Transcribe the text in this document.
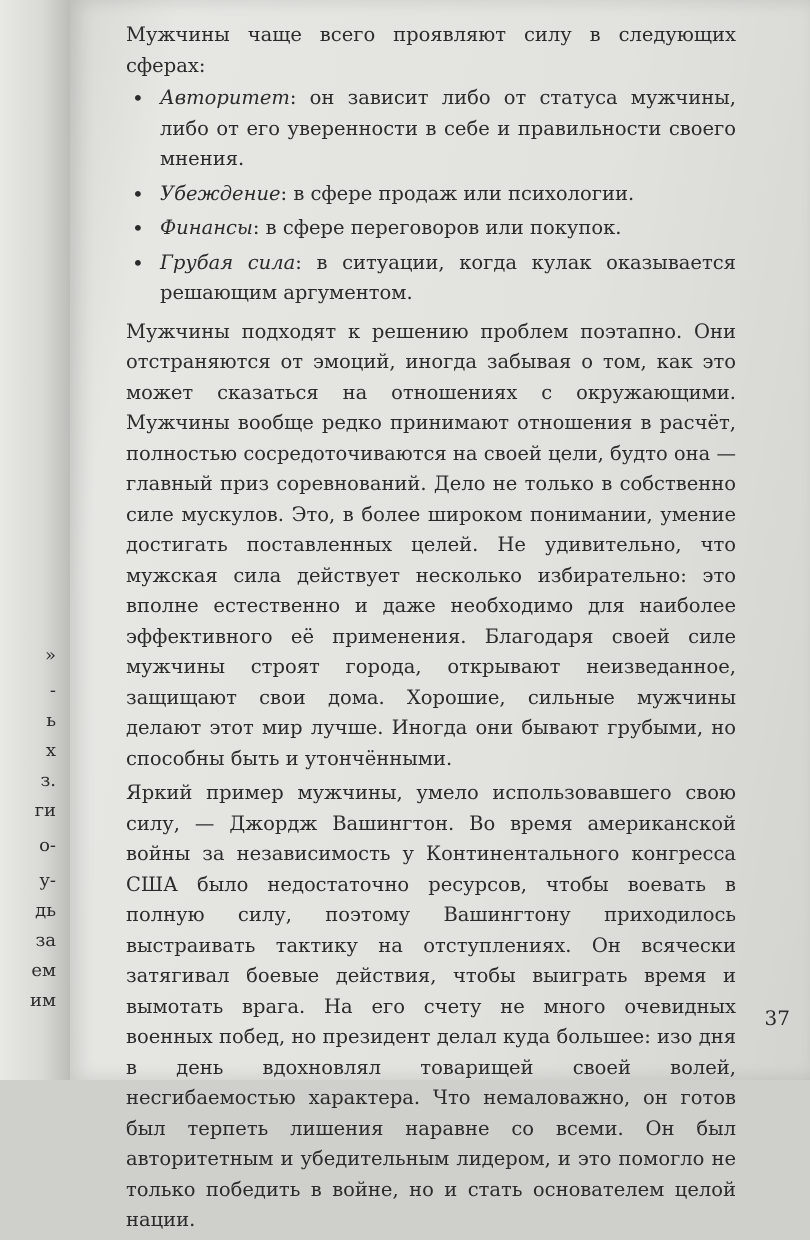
»
-
ь
х
з.
ги
о-
у-
дь
за
ем
им

Мужчины чаще всего проявляют силу в следующих сферах:

• Авторитет: он зависит либо от статуса мужчины, либо от его уверенности в себе и правильности своего мнения.
• Убеждение: в сфере продаж или психологии.
• Финансы: в сфере переговоров или покупок.
• Грубая сила: в ситуации, когда кулак оказывается решающим аргументом.

Мужчины подходят к решению проблем поэтапно. Они отстраняются от эмоций, иногда забывая о том, как это может сказаться на отношениях с окружающими. Мужчины вообще редко принимают отношения в расчёт, полностью сосредоточиваются на своей цели, будто она — главный приз соревнований. Дело не только в собственно силе мускулов. Это, в более широком понимании, умение достигать поставленных целей. Не удивительно, что мужская сила действует несколько избирательно: это вполне естественно и даже необходимо для наиболее эффективного её применения. Благодаря своей силе мужчины строят города, открывают неизведанное, защищают свои дома. Хорошие, сильные мужчины делают этот мир лучше. Иногда они бывают грубыми, но способны быть и утончёнными.

Яркий пример мужчины, умело использовавшего свою силу, — Джордж Вашингтон. Во время американской войны за независимость у Континентального конгресса США было недостаточно ресурсов, чтобы воевать в полную силу, поэтому Вашингтону приходилось выстраивать тактику на отступлениях. Он всячески затягивал боевые действия, чтобы выиграть время и вымотать врага. На его счету не много очевидных военных побед, но президент делал куда большее: изо дня в день вдохновлял товарищей своей волей, несгибаемостью характера. Что немаловажно, он готов был терпеть лишения наравне со всеми. Он был авторитетным и убедительным лидером, и это помогло не только победить в войне, но и стать основателем целой нации.

37
